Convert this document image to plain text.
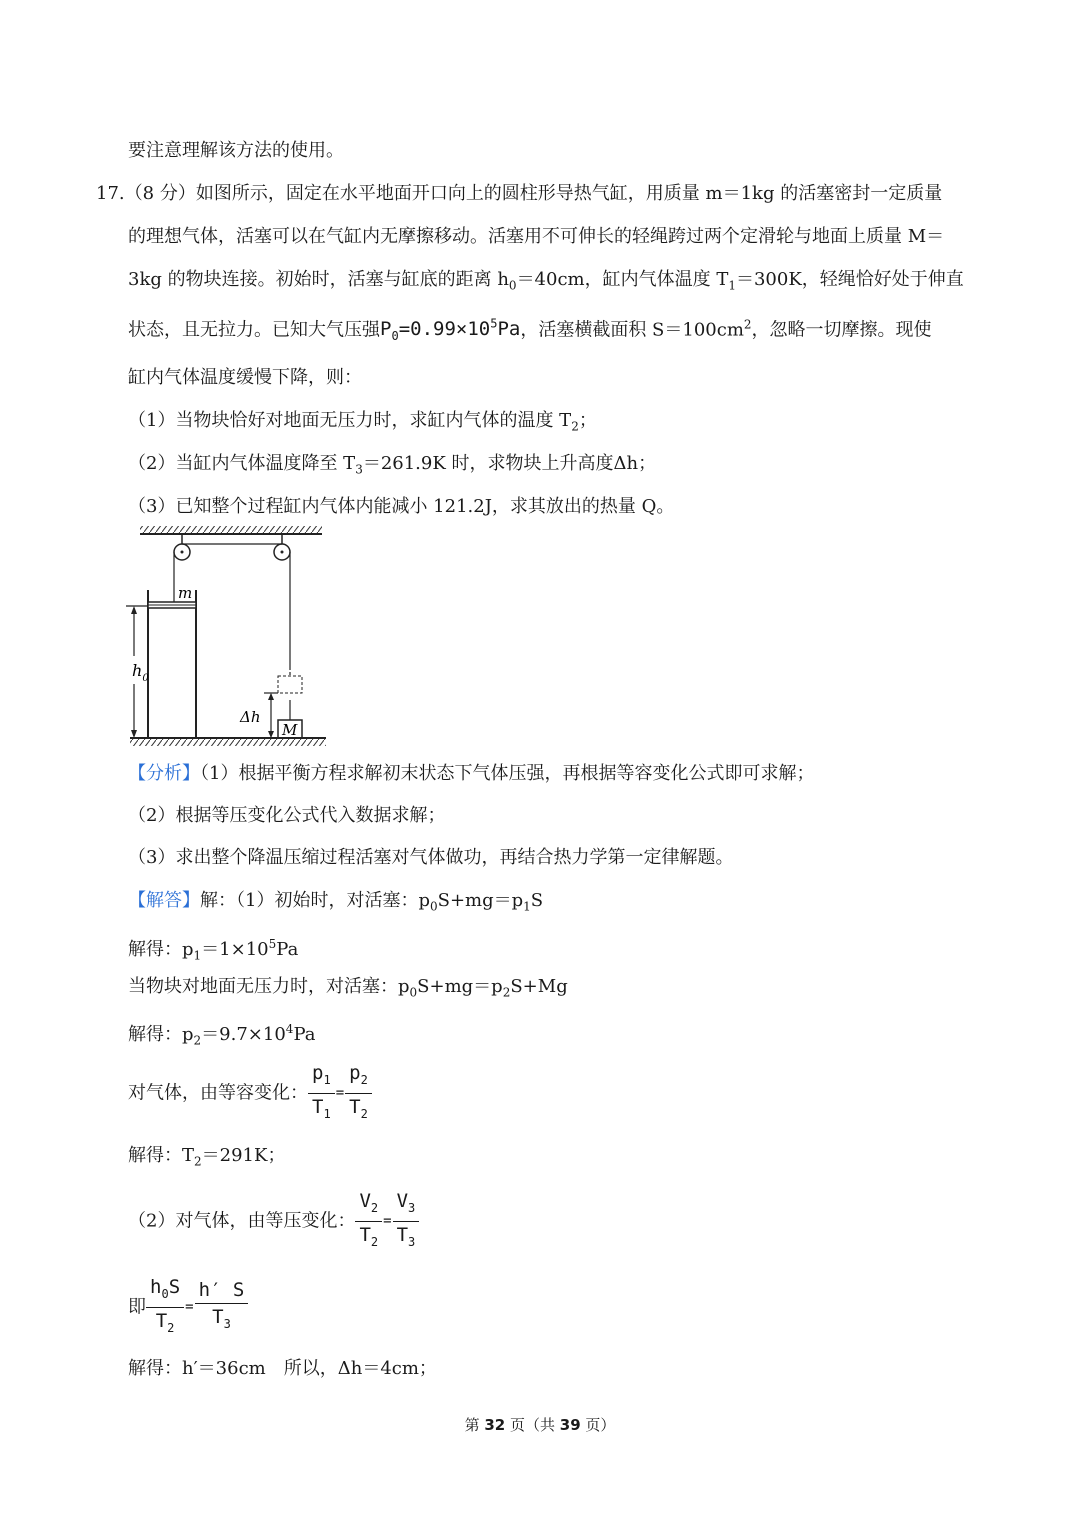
要注意理解该方法的使用。
17.（8 分）如图所示，固定在水平地面开口向上的圆柱形导热气缸，用质量 m＝1kg 的活塞密封一定质量
的理想气体，活塞可以在气缸内无摩擦移动。活塞用不可伸长的轻绳跨过两个定滑轮与地面上质量 M＝
3kg 的物块连接。初始时，活塞与缸底的距离 $h_0=40cm$，缸内气体温度 $T_1=300K$，轻绳恰好处于伸直
状态，且无拉力。已知大气压强$P_0=0.99\times 10^5Pa$，活塞横截面积 $S=100cm^2$，忽略一切摩擦。现使
缸内气体温度缓慢下降，则：
（1）当物块恰好对地面无压力时，求缸内气体的温度 $T_2$；
（2）当缸内气体温度降至 $T_3=261.9K$ 时，求物块上升高度Δh；
（3）已知整个过程缸内气体内能减小 121.2J，求其放出的热量 Q。
m
$h_0$
M
Δh
【分析】（1）根据平衡方程求解初末状态下气体压强，再根据等容变化公式即可求解；
（2）根据等压变化公式代入数据求解；
（3）求出整个降温压缩过程活塞对气体做功，再结合热力学第一定律解题。
【解答】解：（1）初始时，对活塞：$p_0S+mg=p_1S$
解得：$p_1=1\times 10^5Pa$
当物块对地面无压力时，对活塞：$p_0S+mg=p_2S+Mg$
解得：$p_2=9.7\times 10^4Pa$
对气体，由等容变化： $\frac{p_1}{T_1} = \frac{p_2}{T_2}$
解得：$T_2=291K$；
（2）对气体，由等压变化： $\frac{V_2}{T_2} = \frac{V_3}{T_3}$
即 $\frac{h_0S}{T_2} = \frac{h' S}{T_3}$
解得：h′＝36cm　所以，Δh＝4cm；
第 32 页（共 39 页）
